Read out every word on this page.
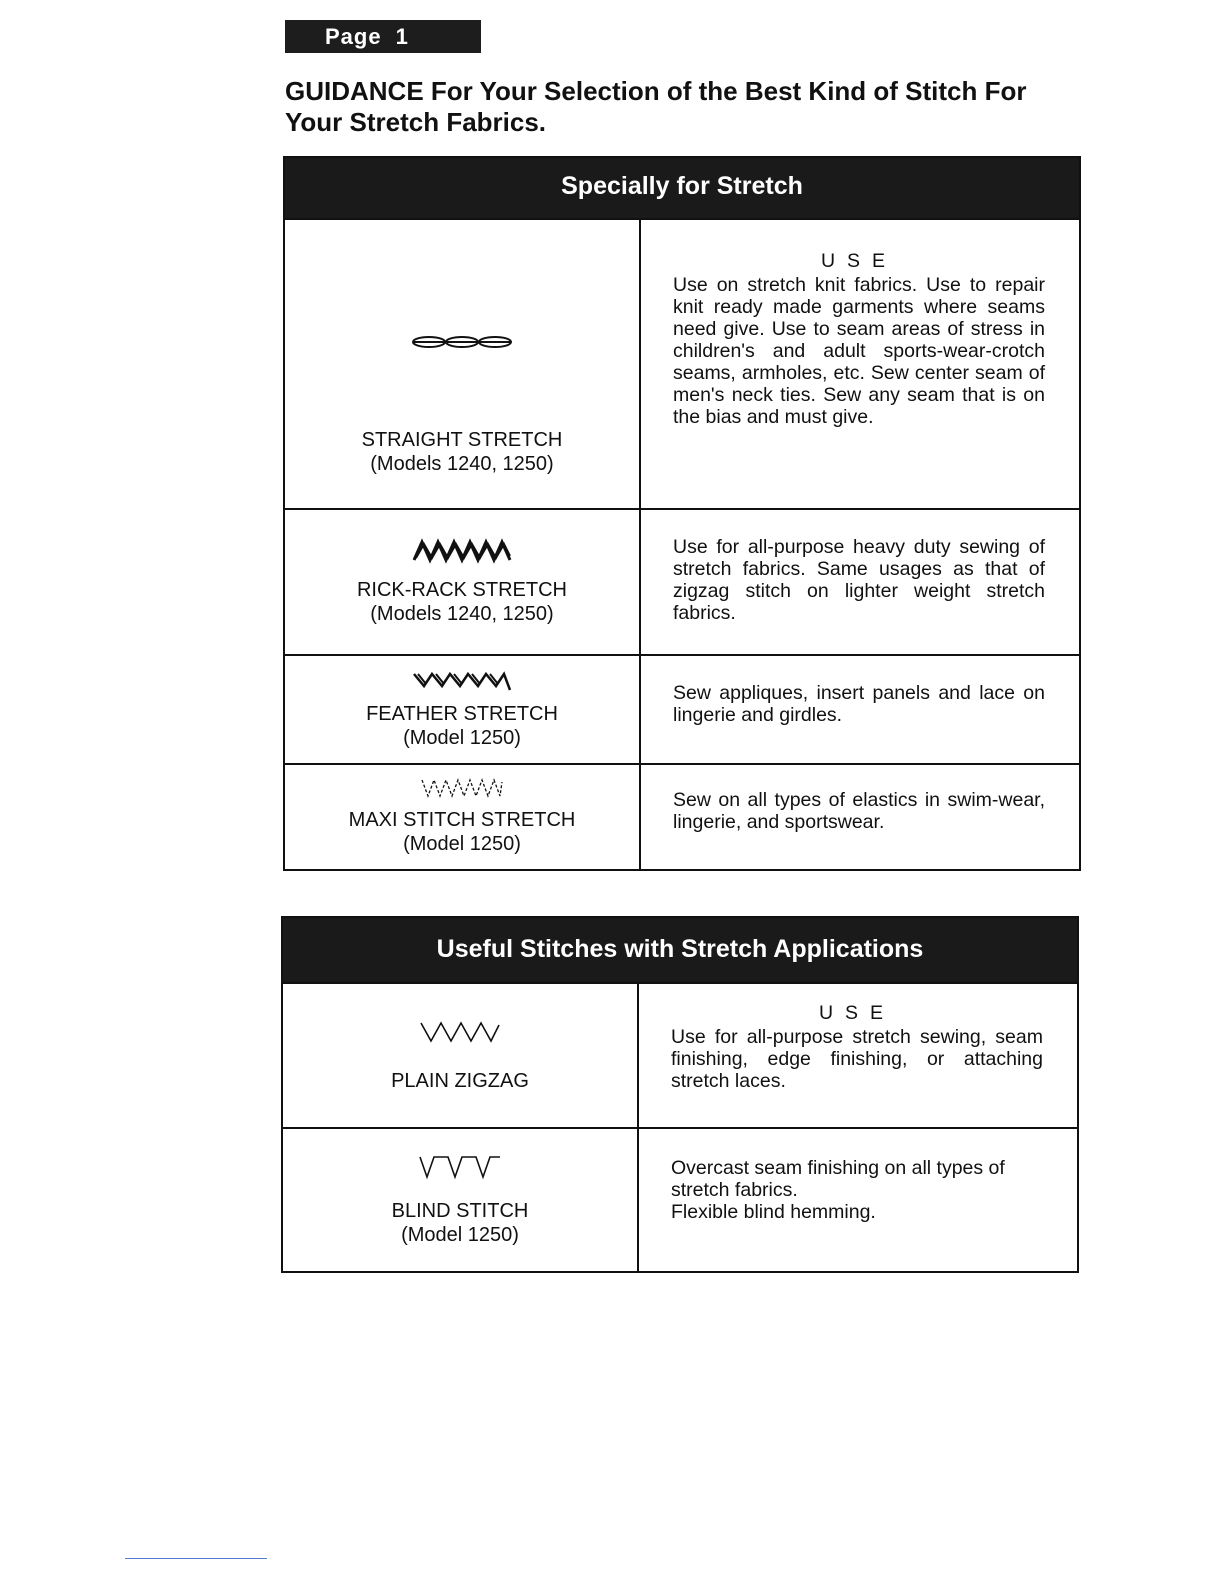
Page 1
GUIDANCE For Your Selection of the Best Kind of Stitch For Your Stretch Fabrics.
Specially for Stretch
STRAIGHT STRETCH
(Models 1240, 1250)
USE
Use on stretch knit fabrics. Use to repair knit ready made garments where seams need give. Use to seam areas of stress in children's and adult sports-wear-crotch seams, armholes, etc. Sew center seam of men's neck ties. Sew any seam that is on the bias and must give.
RICK-RACK STRETCH
(Models 1240, 1250)
Use for all-purpose heavy duty sewing of stretch fabrics. Same usages as that of zigzag stitch on lighter weight stretch fabrics.
FEATHER STRETCH
(Model 1250)
Sew appliques, insert panels and lace on lingerie and girdles.
MAXI STITCH STRETCH
(Model 1250)
Sew on all types of elastics in swim-wear, lingerie, and sportswear.
Useful Stitches with Stretch Applications
PLAIN ZIGZAG
USE
Use for all-purpose stretch sewing, seam finishing, edge finishing, or attaching stretch laces.
BLIND STITCH
(Model 1250)
Overcast seam finishing on all types of stretch fabrics.
Flexible blind hemming.
